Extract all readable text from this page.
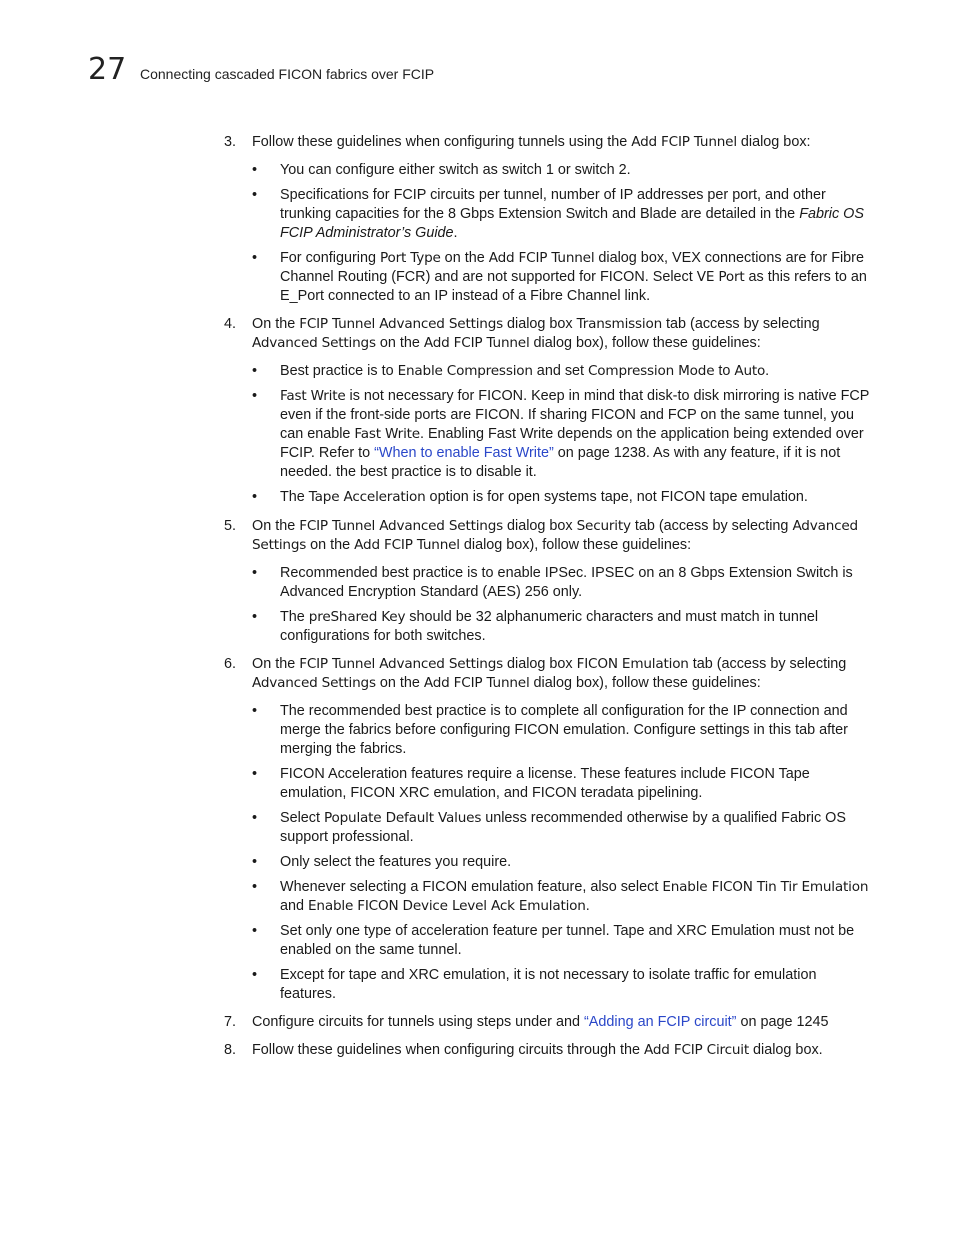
27 Connecting cascaded FICON fabrics over FCIP
3. Follow these guidelines when configuring tunnels using the Add FCIP Tunnel dialog box:
• You can configure either switch as switch 1 or switch 2.
• Specifications for FCIP circuits per tunnel, number of IP addresses per port, and other trunking capacities for the 8 Gbps Extension Switch and Blade are detailed in the Fabric OS FCIP Administrator’s Guide.
• For configuring Port Type on the Add FCIP Tunnel dialog box, VEX connections are for Fibre Channel Routing (FCR) and are not supported for FICON. Select VE Port as this refers to an E_Port connected to an IP instead of a Fibre Channel link.
4. On the FCIP Tunnel Advanced Settings dialog box Transmission tab (access by selecting Advanced Settings on the Add FCIP Tunnel dialog box), follow these guidelines:
• Best practice is to Enable Compression and set Compression Mode to Auto.
• Fast Write is not necessary for FICON. Keep in mind that disk-to disk mirroring is native FCP even if the front-side ports are FICON. If sharing FICON and FCP on the same tunnel, you can enable Fast Write. Enabling Fast Write depends on the application being extended over FCIP. Refer to “When to enable Fast Write” on page 1238. As with any feature, if it is not needed. the best practice is to disable it.
• The Tape Acceleration option is for open systems tape, not FICON tape emulation.
5. On the FCIP Tunnel Advanced Settings dialog box Security tab (access by selecting Advanced Settings on the Add FCIP Tunnel dialog box), follow these guidelines:
• Recommended best practice is to enable IPSec. IPSEC on an 8 Gbps Extension Switch is Advanced Encryption Standard (AES) 256 only.
• The preShared Key should be 32 alphanumeric characters and must match in tunnel configurations for both switches.
6. On the FCIP Tunnel Advanced Settings dialog box FICON Emulation tab (access by selecting Advanced Settings on the Add FCIP Tunnel dialog box), follow these guidelines:
• The recommended best practice is to complete all configuration for the IP connection and merge the fabrics before configuring FICON emulation. Configure settings in this tab after merging the fabrics.
• FICON Acceleration features require a license. These features include FICON Tape emulation, FICON XRC emulation, and FICON teradata pipelining.
• Select Populate Default Values unless recommended otherwise by a qualified Fabric OS support professional.
• Only select the features you require.
• Whenever selecting a FICON emulation feature, also select Enable FICON Tin Tir Emulation and Enable FICON Device Level Ack Emulation.
• Set only one type of acceleration feature per tunnel. Tape and XRC Emulation must not be enabled on the same tunnel.
• Except for tape and XRC emulation, it is not necessary to isolate traffic for emulation features.
7. Configure circuits for tunnels using steps under and “Adding an FCIP circuit” on page 1245
8. Follow these guidelines when configuring circuits through the Add FCIP Circuit dialog box.
